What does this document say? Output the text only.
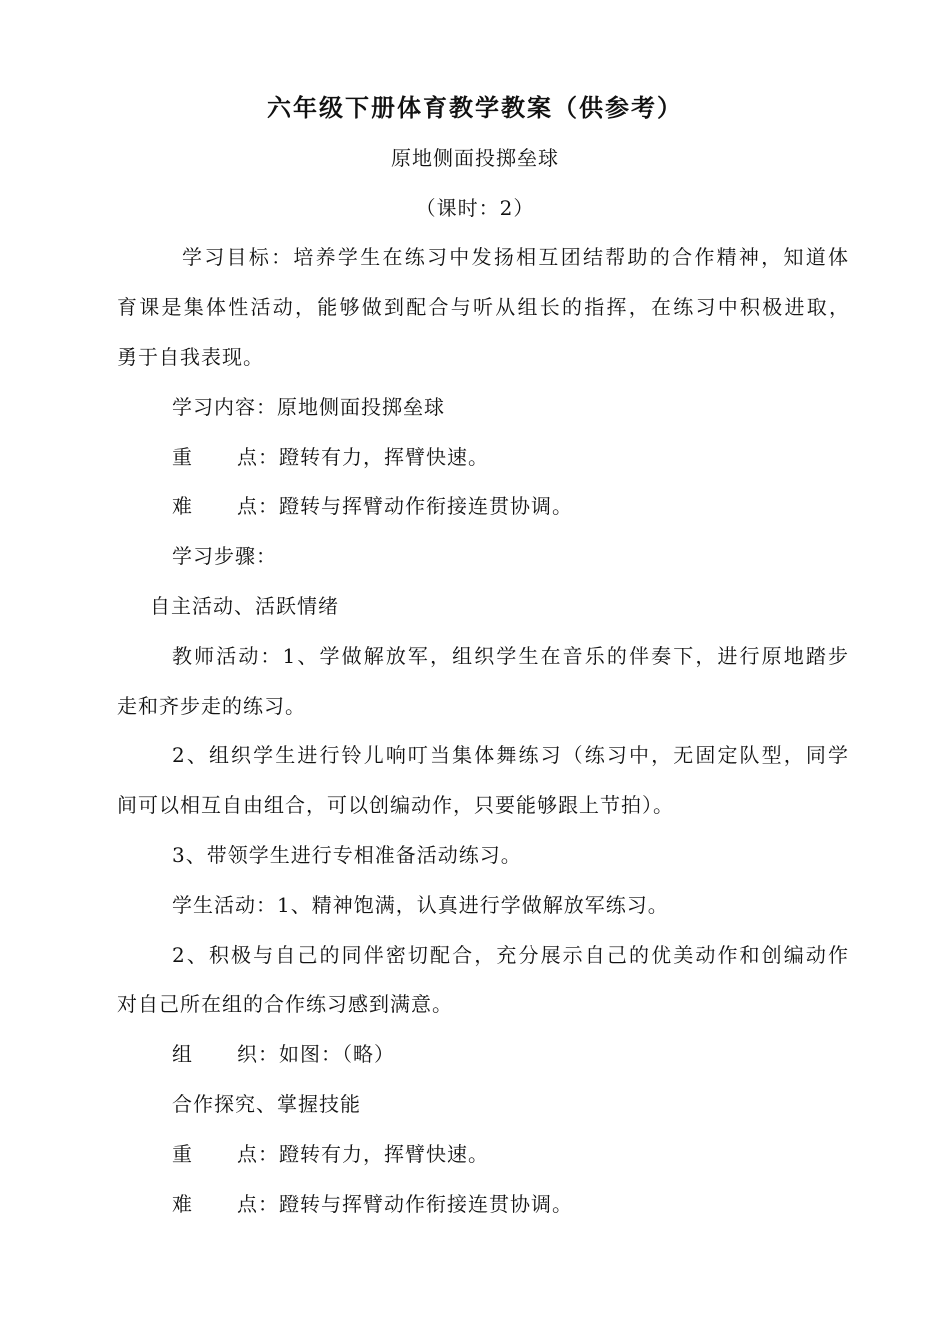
六年级下册体育教学教案（供参考）
原地侧面投掷垒球
（课时：2）
学习目标：培养学生在练习中发扬相互团结帮助的合作精神，知道体
育课是集体性活动，能够做到配合与听从组长的指挥，在练习中积极进取，
勇于自我表现。
学习内容：原地侧面投掷垒球
重 点：蹬转有力，挥臂快速。
难 点：蹬转与挥臂动作衔接连贯协调。
学习步骤：
自主活动、活跃情绪
教师活动：1、学做解放军，组织学生在音乐的伴奏下，进行原地踏步
走和齐步走的练习。
2、组织学生进行铃儿响叮当集体舞练习（练习中，无固定队型，同学
间可以相互自由组合，可以创编动作，只要能够跟上节拍）。
3、带领学生进行专相准备活动练习。
学生活动：1、精神饱满，认真进行学做解放军练习。
2、积极与自己的同伴密切配合，充分展示自己的优美动作和创编动作
对自己所在组的合作练习感到满意。
组 织：如图：（略）
合作探究、掌握技能
重 点：蹬转有力，挥臂快速。
难 点：蹬转与挥臂动作衔接连贯协调。
